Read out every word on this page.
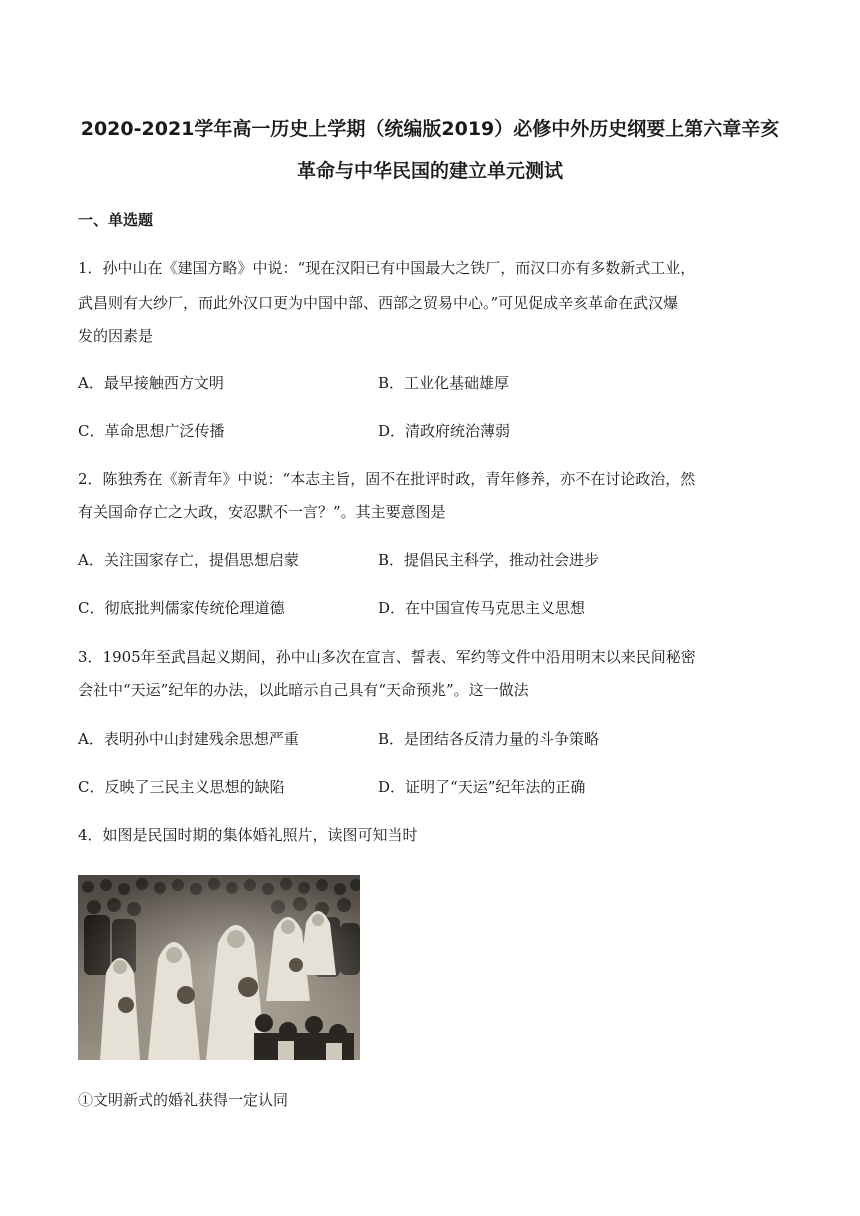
2020-2021学年高一历史上学期（统编版2019）必修中外历史纲要上第六章辛亥
革命与中华民国的建立单元测试
一、单选题
1．孙中山在《建国方略》中说：“现在汉阳已有中国最大之铁厂，而汉口亦有多数新式工业，
武昌则有大纱厂，而此外汉口更为中国中部、西部之贸易中心。”可见促成辛亥革命在武汉爆
发的因素是
A．最早接触西方文明	B．工业化基础雄厚
C．革命思想广泛传播	D．清政府统治薄弱
2．陈独秀在《新青年》中说：“本志主旨，固不在批评时政，青年修养，亦不在讨论政治，然
有关国命存亡之大政，安忍默不一言？”。其主要意图是
A．关注国家存亡，提倡思想启蒙	B．提倡民主科学，推动社会进步
C．彻底批判儒家传统伦理道德	D．在中国宣传马克思主义思想
3．1905年至武昌起义期间，孙中山多次在宣言、誓表、军约等文件中沿用明末以来民间秘密
会社中“天运”纪年的办法，以此暗示自己具有“天命预兆”。这一做法
A．表明孙中山封建残余思想严重	B．是团结各反清力量的斗争策略
C．反映了三民主义思想的缺陷	D．证明了“天运”纪年法的正确
4．如图是民国时期的集体婚礼照片，读图可知当时
①文明新式的婚礼获得一定认同
